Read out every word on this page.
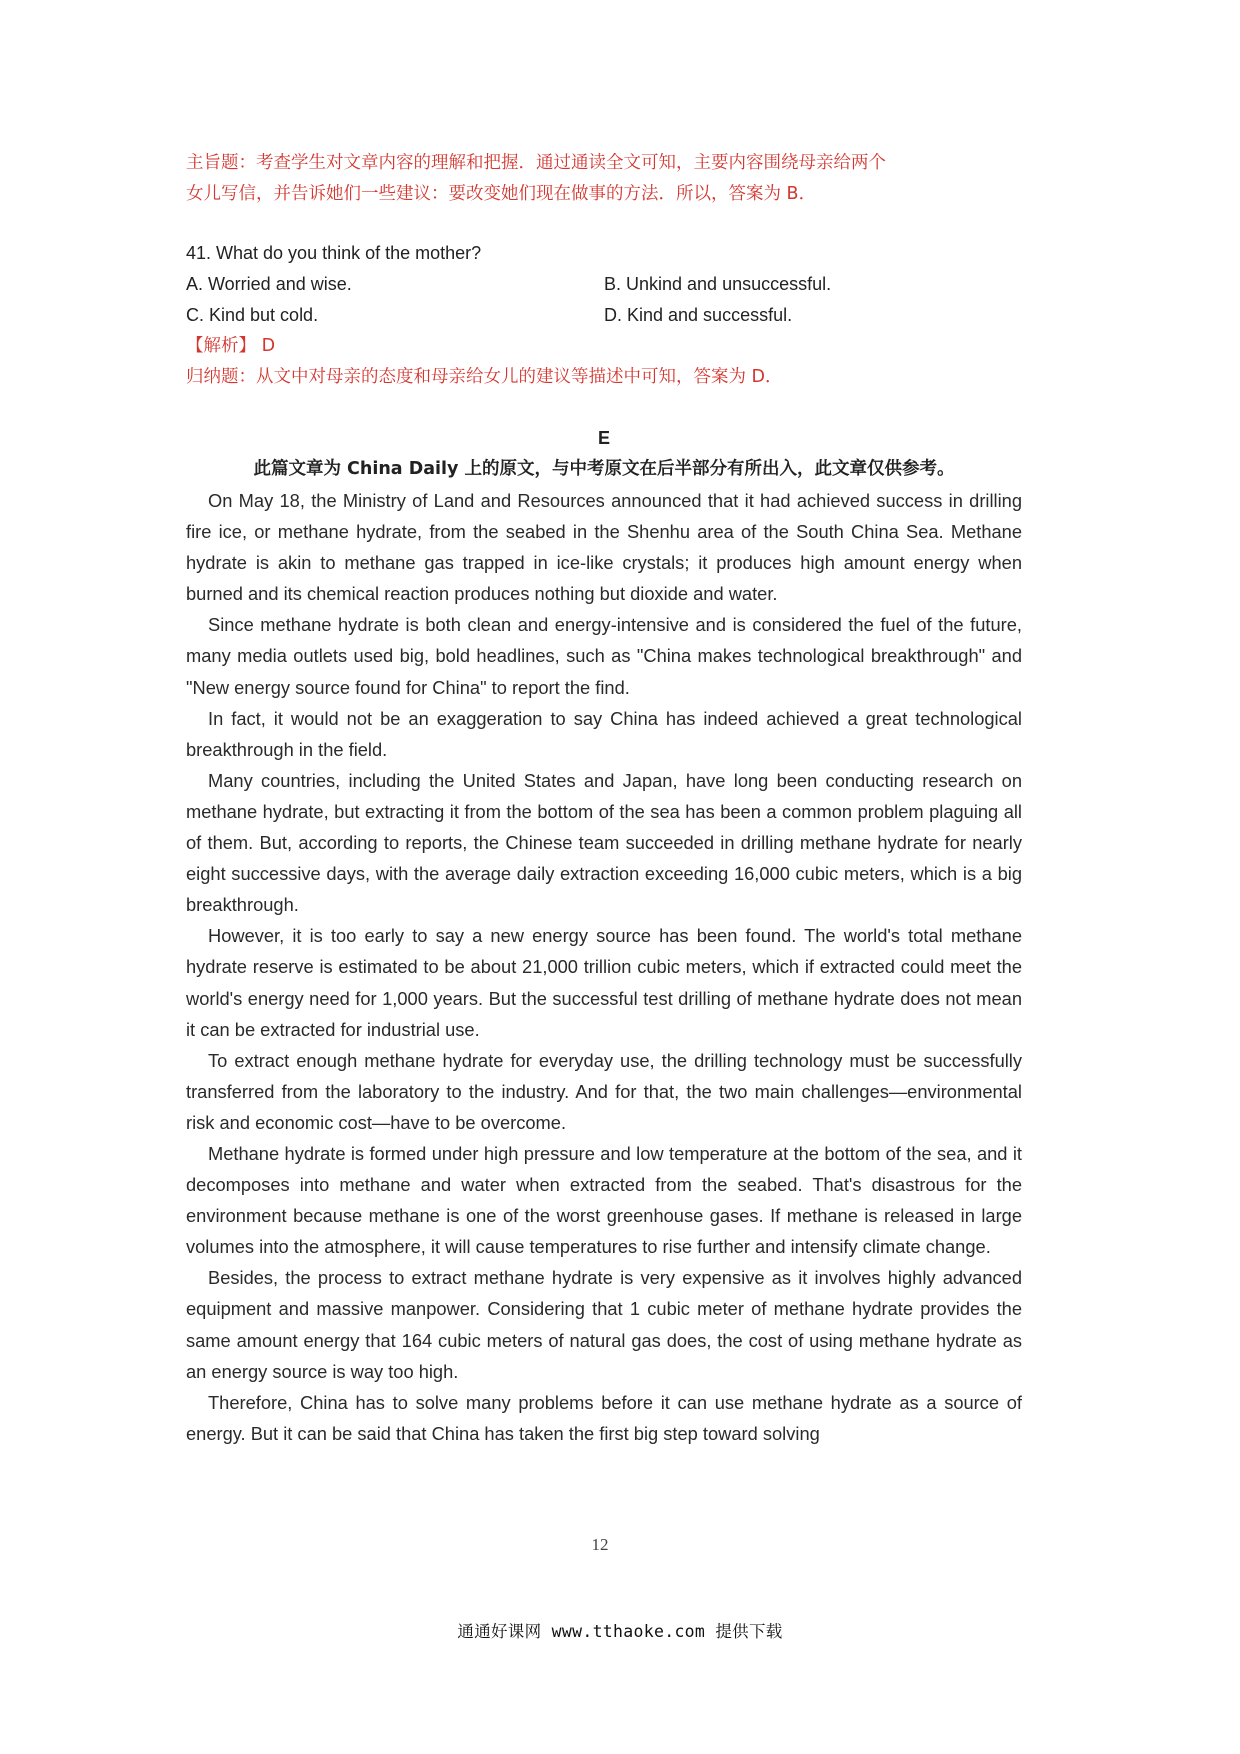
主旨题：考查学生对文章内容的理解和把握．通过通读全文可知，主要内容围绕母亲给两个

女儿写信，并告诉她们一些建议：要改变她们现在做事的方法．所以，答案为 B．

41. What do you think of the mother?

A. Worried and wise.	B. Unkind and unsuccessful.
C. Kind but cold.	D. Kind and successful.

【解析】 D

归纳题：从文中对母亲的态度和母亲给女儿的建议等描述中可知，答案为 D．

E

此篇文章为 China Daily 上的原文，与中考原文在后半部分有所出入，此文章仅供参考。

On May 18, the Ministry of Land and Resources announced that it had achieved success in drilling fire ice, or methane hydrate, from the seabed in the Shenhu area of the South China Sea. Methane hydrate is akin to methane gas trapped in ice-like crystals; it produces high amount energy when burned and its chemical reaction produces nothing but dioxide and water.

Since methane hydrate is both clean and energy-intensive and is considered the fuel of the future, many media outlets used big, bold headlines, such as "China makes technological breakthrough" and "New energy source found for China" to report the find.

In fact, it would not be an exaggeration to say China has indeed achieved a great technological breakthrough in the field.

Many countries, including the United States and Japan, have long been conducting research on methane hydrate, but extracting it from the bottom of the sea has been a common problem plaguing all of them. But, according to reports, the Chinese team succeeded in drilling methane hydrate for nearly eight successive days, with the average daily extraction exceeding 16,000 cubic meters, which is a big breakthrough.

However, it is too early to say a new energy source has been found. The world's total methane hydrate reserve is estimated to be about 21,000 trillion cubic meters, which if extracted could meet the world's energy need for 1,000 years. But the successful test drilling of methane hydrate does not mean it can be extracted for industrial use.

To extract enough methane hydrate for everyday use, the drilling technology must be successfully transferred from the laboratory to the industry. And for that, the two main challenges—environmental risk and economic cost—have to be overcome.

Methane hydrate is formed under high pressure and low temperature at the bottom of the sea, and it decomposes into methane and water when extracted from the seabed. That's disastrous for the environment because methane is one of the worst greenhouse gases. If methane is released in large volumes into the atmosphere, it will cause temperatures to rise further and intensify climate change.

Besides, the process to extract methane hydrate is very expensive as it involves highly advanced equipment and massive manpower. Considering that 1 cubic meter of methane hydrate provides the same amount energy that 164 cubic meters of natural gas does, the cost of using methane hydrate as an energy source is way too high.

Therefore, China has to solve many problems before it can use methane hydrate as a source of energy. But it can be said that China has taken the first big step toward solving

12
通通好课网 www.tthaoke.com 提供下载
